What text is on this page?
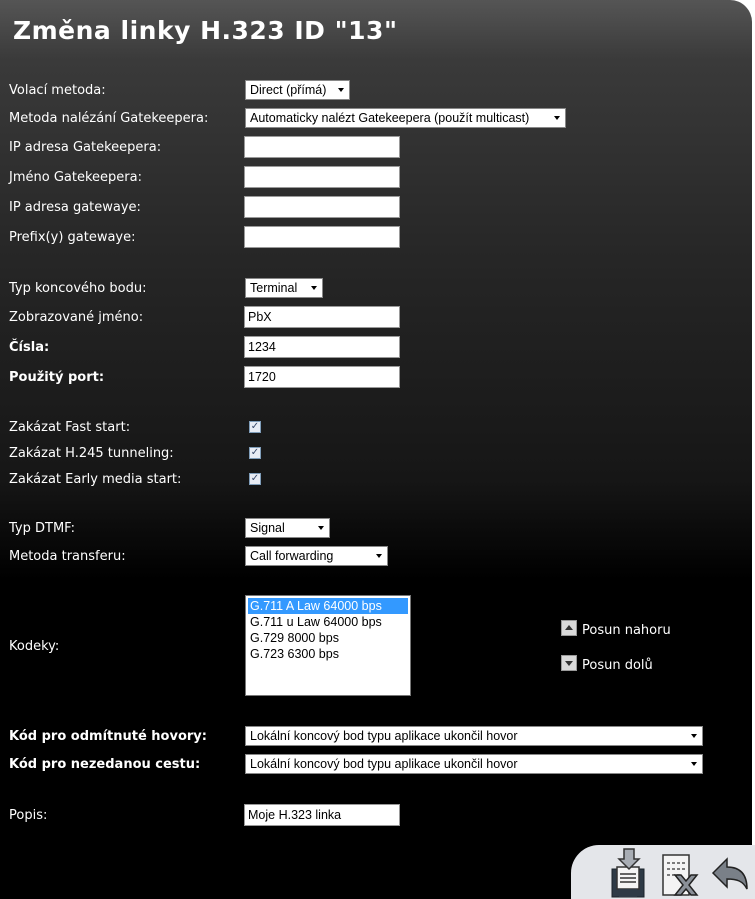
Změna linky H.323 ID "13"
Volací metoda:	Direct (přímá)
Metoda nalézání Gatekeepera:	Automaticky nalézt Gatekeepera (použít multicast)
IP adresa Gatekeepera:
Jméno Gatekeepera:
IP adresa gatewaye:
Prefix(y) gatewaye:
Typ koncového bodu:	Terminal
Zobrazované jméno:	PbX
Čísla:	1234
Použitý port:	1720
Zakázat Fast start:	✓
Zakázat H.245 tunneling:	✓
Zakázat Early media start:	✓
Typ DTMF:	Signal
Metoda transferu:	Call forwarding
Kodeky:
G.711 A Law 64000 bps
G.711 u Law 64000 bps
G.729 8000 bps
G.723 6300 bps
Posun nahoru
Posun dolů
Kód pro odmítnuté hovory:	Lokální koncový bod typu aplikace ukončil hovor
Kód pro nezedanou cestu:	Lokální koncový bod typu aplikace ukončil hovor
Popis:	Moje H.323 linka
